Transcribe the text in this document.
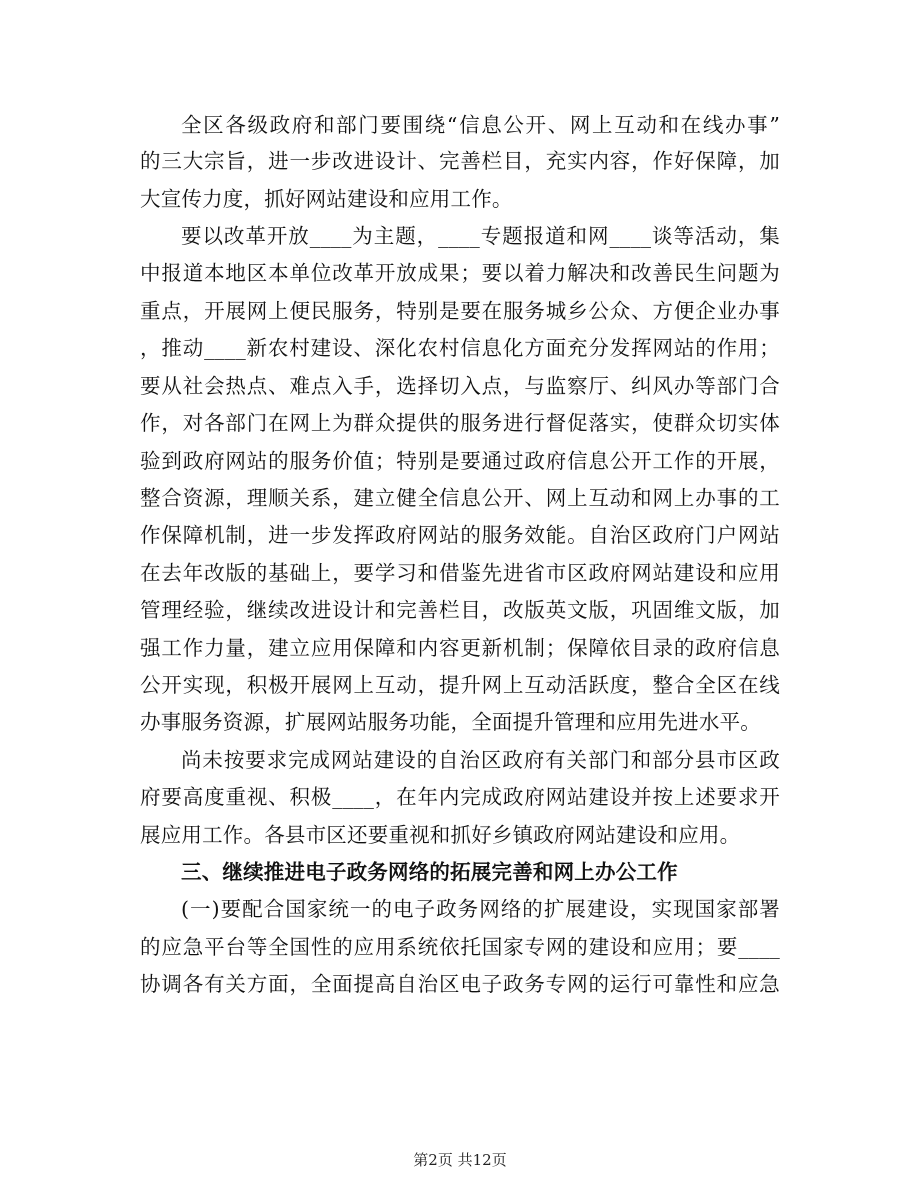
全区各级政府和部门要围绕“信息公开、网上互动和在线办事”
的三大宗旨，进一步改进设计、完善栏目，充实内容，作好保障，加
大宣传力度，抓好网站建设和应用工作。
要以改革开放____为主题，____专题报道和网____谈等活动，集
中报道本地区本单位改革开放成果；要以着力解决和改善民生问题为
重点，开展网上便民服务，特别是要在服务城乡公众、方便企业办事
，推动____新农村建设、深化农村信息化方面充分发挥网站的作用；
要从社会热点、难点入手，选择切入点，与监察厅、纠风办等部门合
作，对各部门在网上为群众提供的服务进行督促落实，使群众切实体
验到政府网站的服务价值；特别是要通过政府信息公开工作的开展，
整合资源，理顺关系，建立健全信息公开、网上互动和网上办事的工
作保障机制，进一步发挥政府网站的服务效能。自治区政府门户网站
在去年改版的基础上，要学习和借鉴先进省市区政府网站建设和应用
管理经验，继续改进设计和完善栏目，改版英文版，巩固维文版，加
强工作力量，建立应用保障和内容更新机制；保障依目录的政府信息
公开实现，积极开展网上互动，提升网上互动活跃度，整合全区在线
办事服务资源，扩展网站服务功能，全面提升管理和应用先进水平。
尚未按要求完成网站建设的自治区政府有关部门和部分县市区政
府要高度重视、积极____，在年内完成政府网站建设并按上述要求开
展应用工作。各县市区还要重视和抓好乡镇政府网站建设和应用。
三、继续推进电子政务网络的拓展完善和网上办公工作
(一)要配合国家统一的电子政务网络的扩展建设，实现国家部署
的应急平台等全国性的应用系统依托国家专网的建设和应用；要____
协调各有关方面，全面提高自治区电子政务专网的运行可靠性和应急
第2页 共12页
